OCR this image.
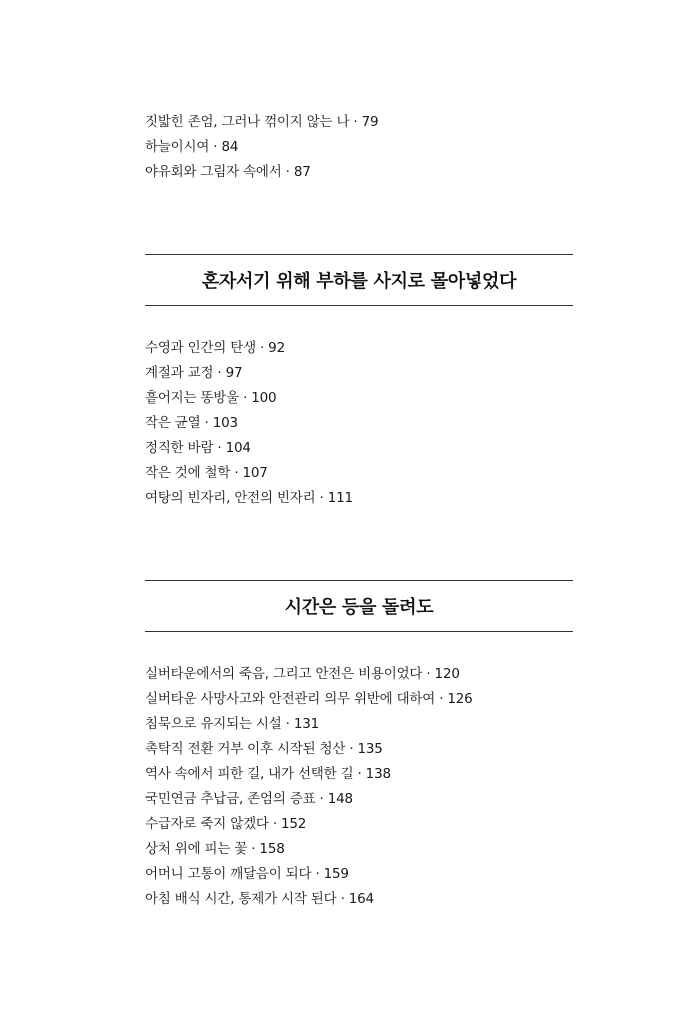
짓밟힌 존엄, 그러나 꺾이지 않는 나 · 79
하늘이시여 · 84
야유회와 그림자 속에서 · 87
혼자서기 위해 부하를 사지로 몰아넣었다
수영과 인간의 탄생 · 92
계절과 교정 · 97
흩어지는 똥방울 · 100
작은 균열 · 103
정직한 바람 · 104
작은 것에 철학 · 107
여탕의 빈자리, 안전의 빈자리 · 111
시간은 등을 돌려도
실버타운에서의 죽음, 그리고 안전은 비용이었다 · 120
실버타운 사망사고와 안전관리 의무 위반에 대하여 · 126
침묵으로 유지되는 시설 · 131
촉탁직 전환 거부 이후 시작된 청산 · 135
역사 속에서 피한 길, 내가 선택한 길 · 138
국민연금 추납금, 존엄의 증표 · 148
수급자로 죽지 않겠다 · 152
상처 위에 피는 꽃 · 158
어머니 고통이 깨달음이 되다 · 159
아침 배식 시간, 통제가 시작 된다 · 164
